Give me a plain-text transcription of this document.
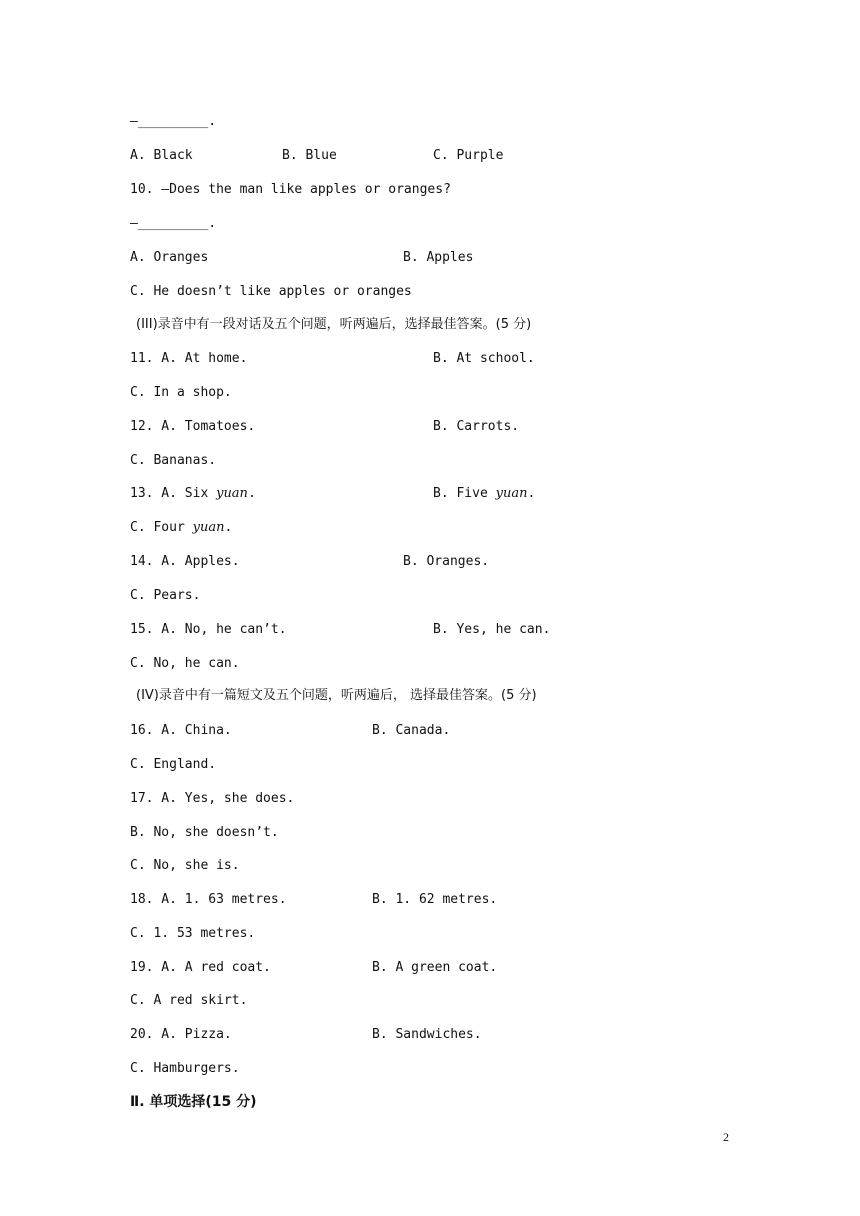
—_________.
A. Black	B. Blue	C. Purple
10. —Does the man like apples or oranges?
—_________.
A. Oranges	B. Apples
C. He doesn’t like apples or oranges
(III)录音中有一段对话及五个问题，听两遍后，选择最佳答案。(5 分)
11. A. At home.	B. At school.
C. In a shop.
12. A. Tomatoes.	B. Carrots.
C. Bananas.
13. A. Six yuan.	B. Five yuan.
C. Four yuan.
14. A. Apples.	B. Oranges.
C. Pears.
15. A. No, he can’t.	B. Yes, he can.
C. No, he can.
(IV)录音中有一篇短文及五个问题，听两遍后， 选择最佳答案。(5 分)
16. A. China.	B. Canada.
C. England.
17. A. Yes, she does.
B. No, she doesn’t.
C. No, she is.
18. A. 1. 63 metres.	B. 1. 62 metres.
C. 1. 53 metres.
19. A. A red coat.	B. A green coat.
C. A red skirt.
20. A. Pizza.	B. Sandwiches.
C. Hamburgers.
Ⅱ. 单项选择(15 分)
2
